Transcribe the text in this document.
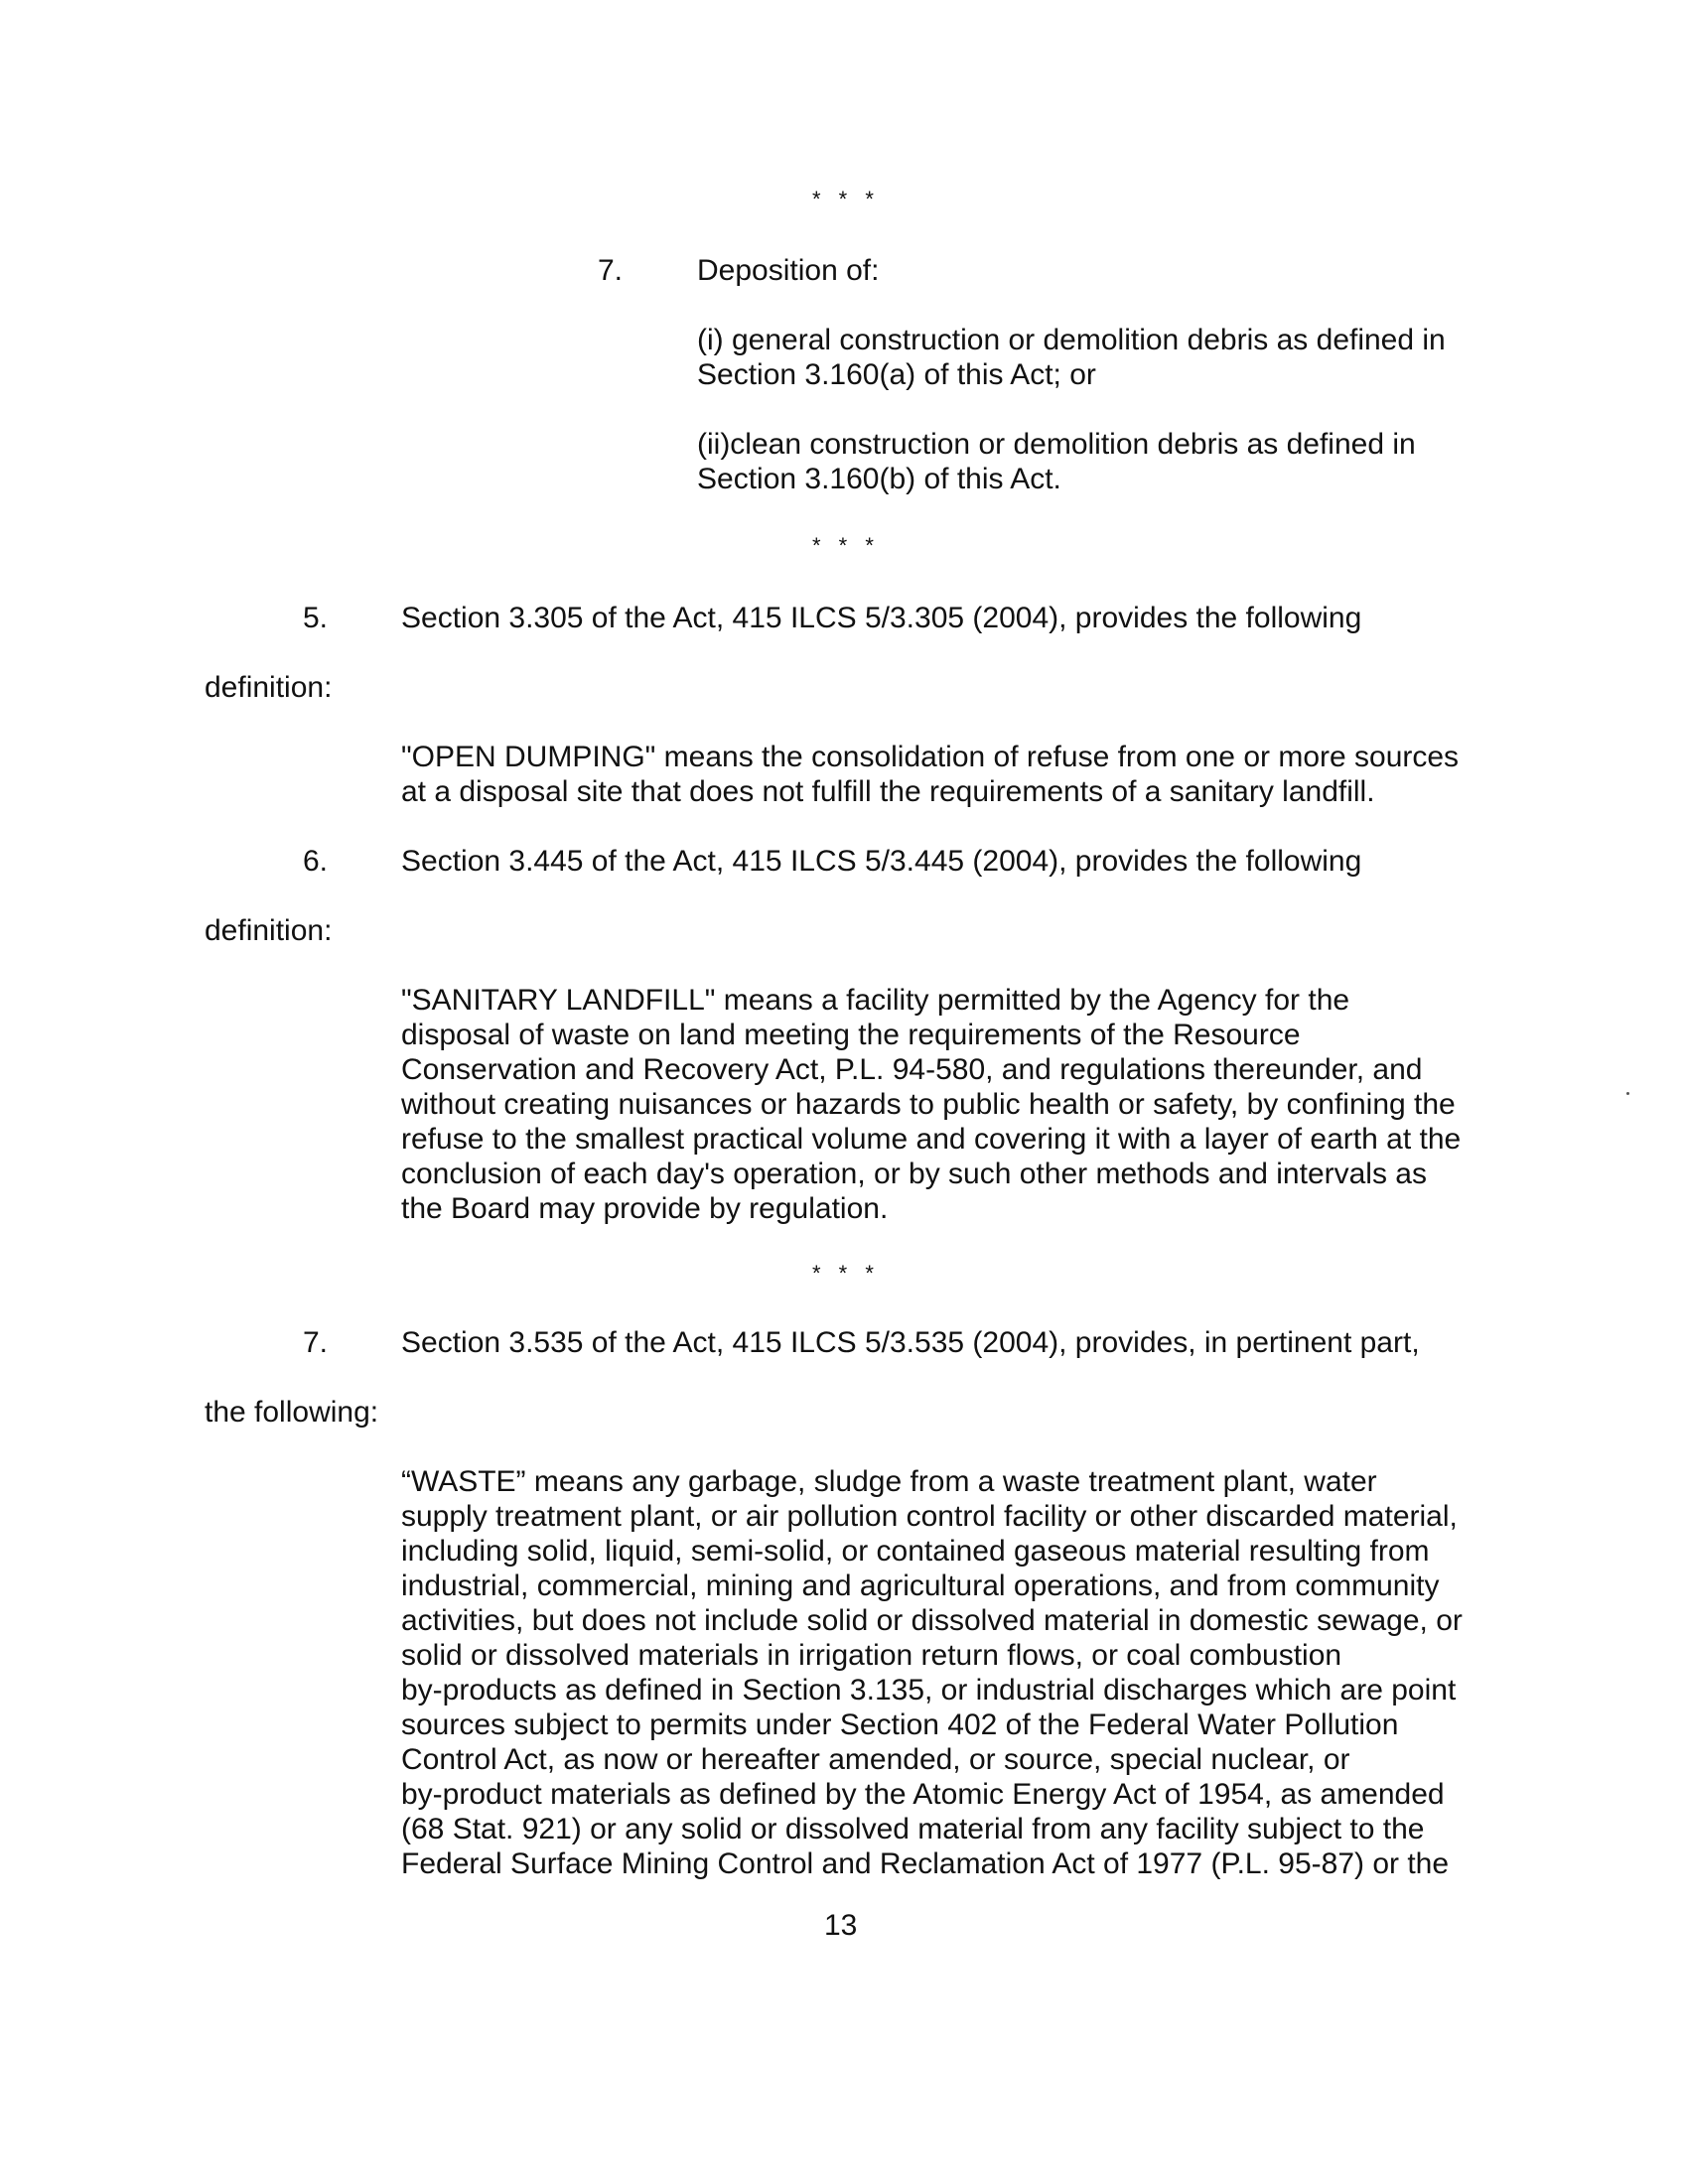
* * *
7. Deposition of:
(i) general construction or demolition debris as defined in
Section 3.160(a) of this Act; or
(ii)clean construction or demolition debris as defined in
Section 3.160(b) of this Act.
* * *
5. Section 3.305 of the Act, 415 ILCS 5/3.305 (2004), provides the following
definition:
"OPEN DUMPING" means the consolidation of refuse from one or more sources
at a disposal site that does not fulfill the requirements of a sanitary landfill.
6. Section 3.445 of the Act, 415 ILCS 5/3.445 (2004), provides the following
definition:
"SANITARY LANDFILL" means a facility permitted by the Agency for the
disposal of waste on land meeting the requirements of the Resource
Conservation and Recovery Act, P.L. 94-580, and regulations thereunder, and
without creating nuisances or hazards to public health or safety, by confining the
refuse to the smallest practical volume and covering it with a layer of earth at the
conclusion of each day's operation, or by such other methods and intervals as
the Board may provide by regulation.
* * *
7. Section 3.535 of the Act, 415 ILCS 5/3.535 (2004), provides, in pertinent part,
the following:
“WASTE” means any garbage, sludge from a waste treatment plant, water
supply treatment plant, or air pollution control facility or other discarded material,
including solid, liquid, semi-solid, or contained gaseous material resulting from
industrial, commercial, mining and agricultural operations, and from community
activities, but does not include solid or dissolved material in domestic sewage, or
solid or dissolved materials in irrigation return flows, or coal combustion
by-products as defined in Section 3.135, or industrial discharges which are point
sources subject to permits under Section 402 of the Federal Water Pollution
Control Act, as now or hereafter amended, or source, special nuclear, or
by-product materials as defined by the Atomic Energy Act of 1954, as amended
(68 Stat. 921) or any solid or dissolved material from any facility subject to the
Federal Surface Mining Control and Reclamation Act of 1977 (P.L. 95-87) or the
13
